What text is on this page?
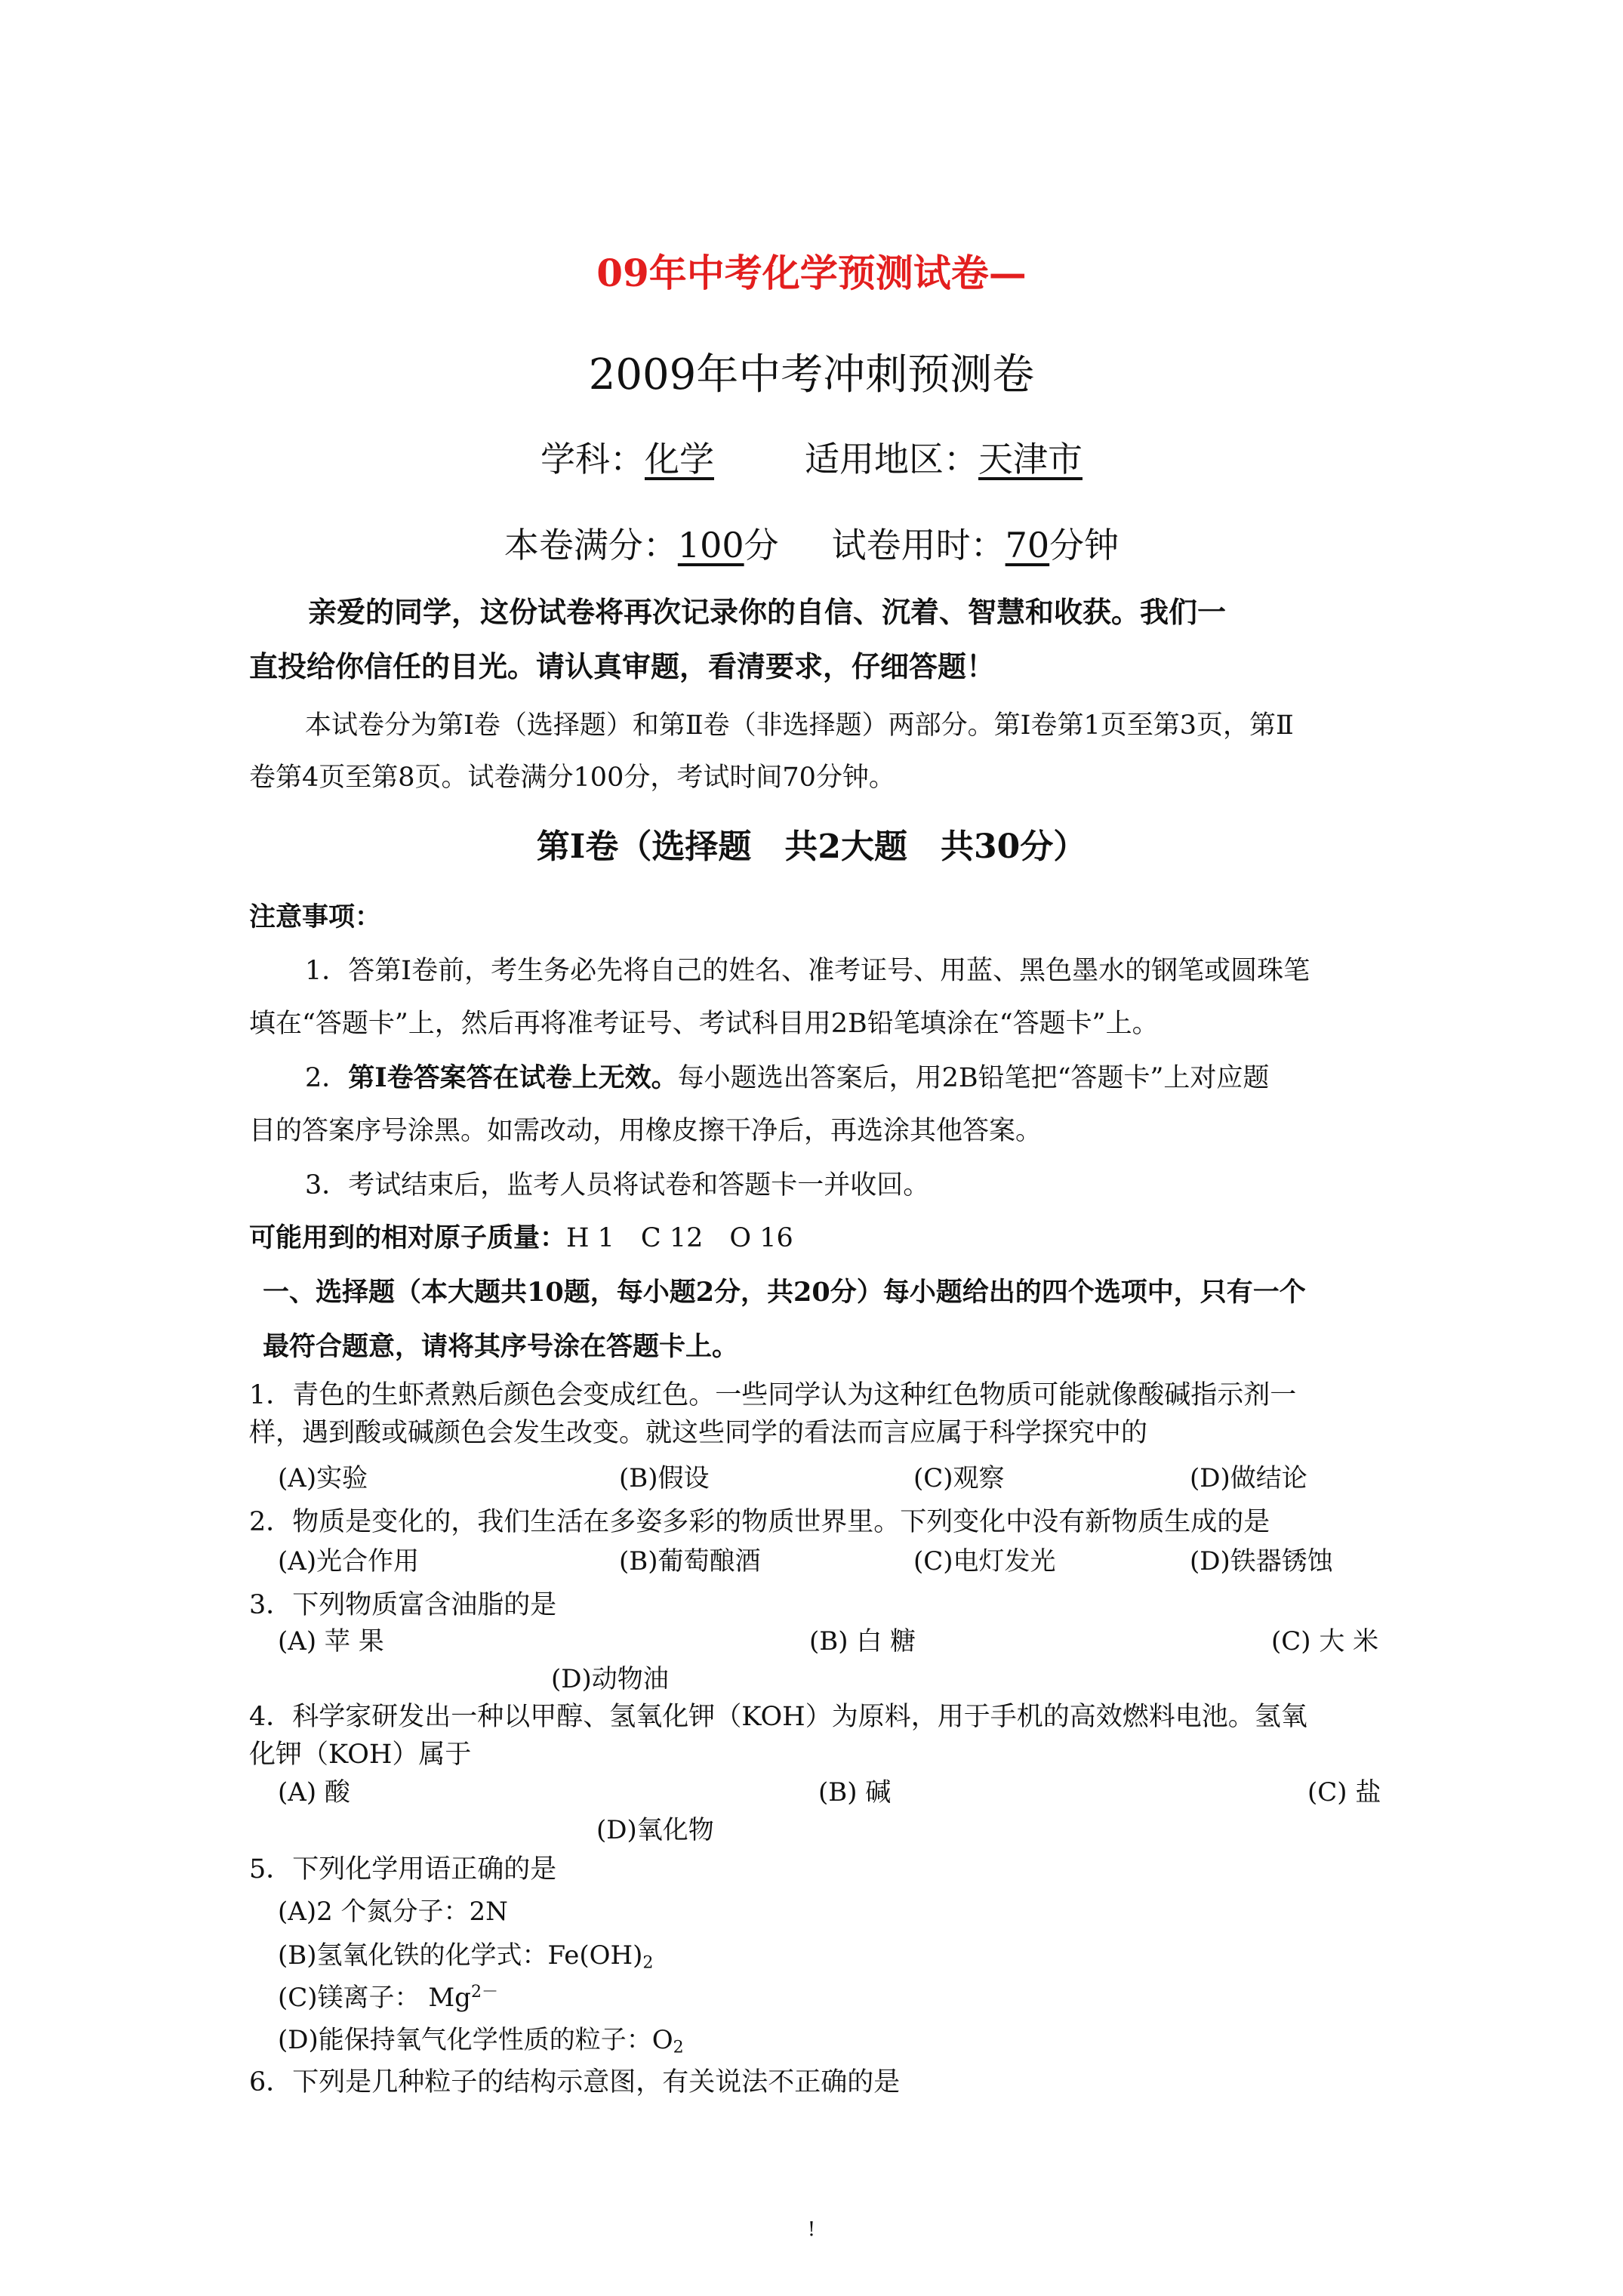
09年中考化学预测试卷—
2009年中考冲刺预测卷
学科：化学	适用地区：天津市
本卷满分：100分 试卷用时：70分钟
亲爱的同学，这份试卷将再次记录你的自信、沉着、智慧和收获。我们一
直投给你信任的目光。请认真审题，看清要求，仔细答题！
本试卷分为第Ⅰ卷（选择题）和第Ⅱ卷（非选择题）两部分。第Ⅰ卷第1页至第3页，第Ⅱ
卷第4页至第8页。试卷满分100分，考试时间70分钟。
第Ⅰ卷（选择题　共2大题　共30分）
注意事项：
1．答第Ⅰ卷前，考生务必先将自己的姓名、准考证号、用蓝、黑色墨水的钢笔或圆珠笔
填在“答题卡”上，然后再将准考证号、考试科目用2B铅笔填涂在“答题卡”上。
2．第Ⅰ卷答案答在试卷上无效。每小题选出答案后，用2B铅笔把“答题卡”上对应题
目的答案序号涂黑。如需改动，用橡皮擦干净后，再选涂其他答案。
3．考试结束后，监考人员将试卷和答题卡一并收回。
可能用到的相对原子质量：H 1　C 12　O 16
一、选择题（本大题共10题，每小题2分，共20分）每小题给出的四个选项中，只有一个
最符合题意，请将其序号涂在答题卡上。
1．青色的生虾煮熟后颜色会变成红色。一些同学认为这种红色物质可能就像酸碱指示剂一
样，遇到酸或碱颜色会发生改变。就这些同学的看法而言应属于科学探究中的
(A)实验	(B)假设	(C)观察	(D)做结论
2．物质是变化的，我们生活在多姿多彩的物质世界里。下列变化中没有新物质生成的是
(A)光合作用	(B)葡萄酿酒	(C)电灯发光	(D)铁器锈蚀
3．下列物质富含油脂的是
(A) 苹 果	(B) 白 糖	(C) 大 米
(D)动物油
4．科学家研发出一种以甲醇、氢氧化钾（KOH）为原料，用于手机的高效燃料电池。氢氧
化钾（KOH）属于
(A) 酸	(B) 碱	(C) 盐
(D)氧化物
5．下列化学用语正确的是
(A)2 个氮分子：2N
(B)氢氧化铁的化学式：$Fe(OH)_2$
(C)镁离子： $Mg^{2-}$
(D)能保持氧气化学性质的粒子：$O_2$
6．下列是几种粒子的结构示意图，有关说法不正确的是
!
